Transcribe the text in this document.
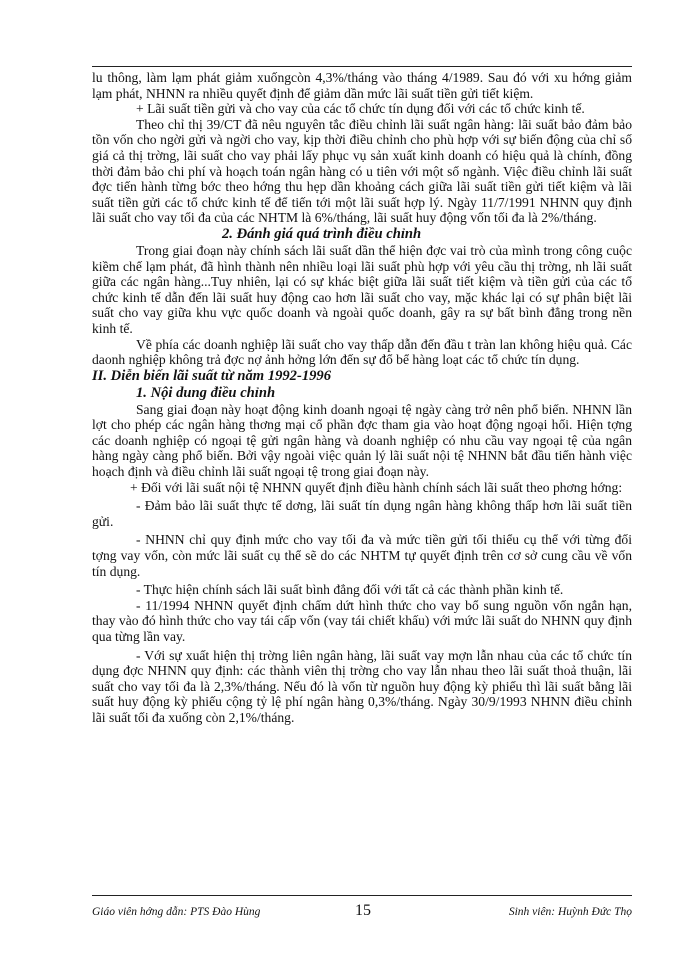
lu thông, làm lạm phát giảm xuốngcòn 4,3%/tháng vào tháng 4/1989. Sau đó với xu hớng giảm lạm phát, NHNN ra nhiều quyết định để giảm dần mức lãi suất tiền gửi tiết kiệm.

+ Lãi suất tiền gửi và cho vay của các tổ chức tín dụng đối với các tổ chức kinh tế.

Theo chỉ thị 39/CT đã nêu nguyên tắc điều chỉnh lãi suất ngân hàng: lãi suất bảo đảm bảo tồn vốn cho ngời gửi và ngời cho vay, kịp thời điều chỉnh cho phù hợp với sự biến động của chỉ số giá cả thị trờng, lãi suất cho vay phải lấy phục vụ sản xuất kinh doanh có hiệu quả là chính, đồng thời đảm bảo chi phí và hoạch toán ngân hàng có u tiên với một số ngành. Việc điều chỉnh lãi suất đợc tiến hành từng bớc theo hớng thu hẹp dần khoảng cách giữa lãi suất tiền gửi tiết kiệm và lãi suất tiền gửi các tổ chức kinh tế để tiến tới một lãi suất hợp lý. Ngày 11/7/1991 NHNN quy định lãi suất cho vay tối đa của các NHTM là 6%/tháng, lãi suất huy động vốn tối đa là 2%/tháng.

2. Đánh giá quá trình điều chỉnh

Trong giai đoạn này chính sách lãi suất dần thể hiện đợc vai trò của mình trong công cuộc kiềm chế lạm phát, đã hình thành nên nhiều loại lãi suất phù hợp với yêu cầu thị trờng, nh lãi suất giữa các ngân hàng...Tuy nhiên, lại có sự khác biệt giữa lãi suất tiết kiệm và tiền gửi của các tổ chức kinh tế dẫn đến lãi suất huy động cao hơn lãi suất cho vay, mặc khác lại có sự phân biệt lãi suất cho vay giữa khu vực quốc doanh và ngoài quốc doanh, gây ra sự bất bình đẳng trong nền kinh tế.

Về phía các doanh nghiệp lãi suất cho vay thấp dẫn đến đầu t tràn lan không hiệu quả. Các daonh nghiệp không trả đợc nợ ảnh hởng lớn đến sự đổ bể hàng loạt các tổ chức tín dụng.

II. Diễn biến lãi suất từ năm 1992-1996

1. Nội dung điều chỉnh

Sang giai đoạn này hoạt động kinh doanh ngoại tệ ngày càng trở nên phổ biến. NHNN lần lợt cho phép các ngân hàng thơng mại cổ phần đợc tham gia vào hoạt động ngoại hối. Hiện tợng các doanh nghiệp có ngoại tệ gửi ngân hàng và doanh nghiệp có nhu cầu vay ngoại tệ của ngân hàng ngày càng phổ biến. Bởi vậy ngoài việc quản lý lãi suất nội tệ NHNN bắt đầu tiến hành việc hoạch định và điều chỉnh lãi suất ngoại tệ trong giai đoạn này.

+ Đối với lãi suất nội tệ NHNN quyết định điều hành chính sách lãi suất theo phơng hớng:

- Đảm bảo lãi suất thực tế dơng, lãi suất tín dụng ngân hàng không thấp hơn lãi suất tiền gửi.

- NHNN chỉ quy định mức cho vay tối đa và mức tiền gửi tối thiểu cụ thể với từng đối tợng vay vốn, còn mức lãi suất cụ thể sẽ do các NHTM tự quyết định trên cơ sở cung cầu về vốn tín dụng.

- Thực hiện chính sách lãi suất bình đẳng đối với tất cả các thành phần kinh tế.

- 11/1994 NHNN quyết định chấm dứt hình thức cho vay bổ sung nguồn vốn ngắn hạn, thay vào đó hình thức cho vay tái cấp vốn (vay tái chiết khấu) với mức lãi suất do NHNN quy định qua từng lần vay.

- Với sự xuất hiện thị trờng liên ngân hàng, lãi suất vay mợn lẫn nhau của các tổ chức tín dụng đợc NHNN quy định: các thành viên thị trờng cho vay lẫn nhau theo lãi suất thoả thuận, lãi suất cho vay tối đa là 2,3%/tháng. Nếu đó là vốn từ nguồn huy động kỳ phiếu thì lãi suất bằng lãi suất huy động kỳ phiếu cộng tỷ lệ phí ngân hàng 0,3%/tháng. Ngày 30/9/1993 NHNN điều chỉnh lãi suất tối đa xuống còn 2,1%/tháng.

Giáo viên hớng dẫn: PTS Đào Hùng	15	Sinh viên: Huỳnh Đức Thọ
